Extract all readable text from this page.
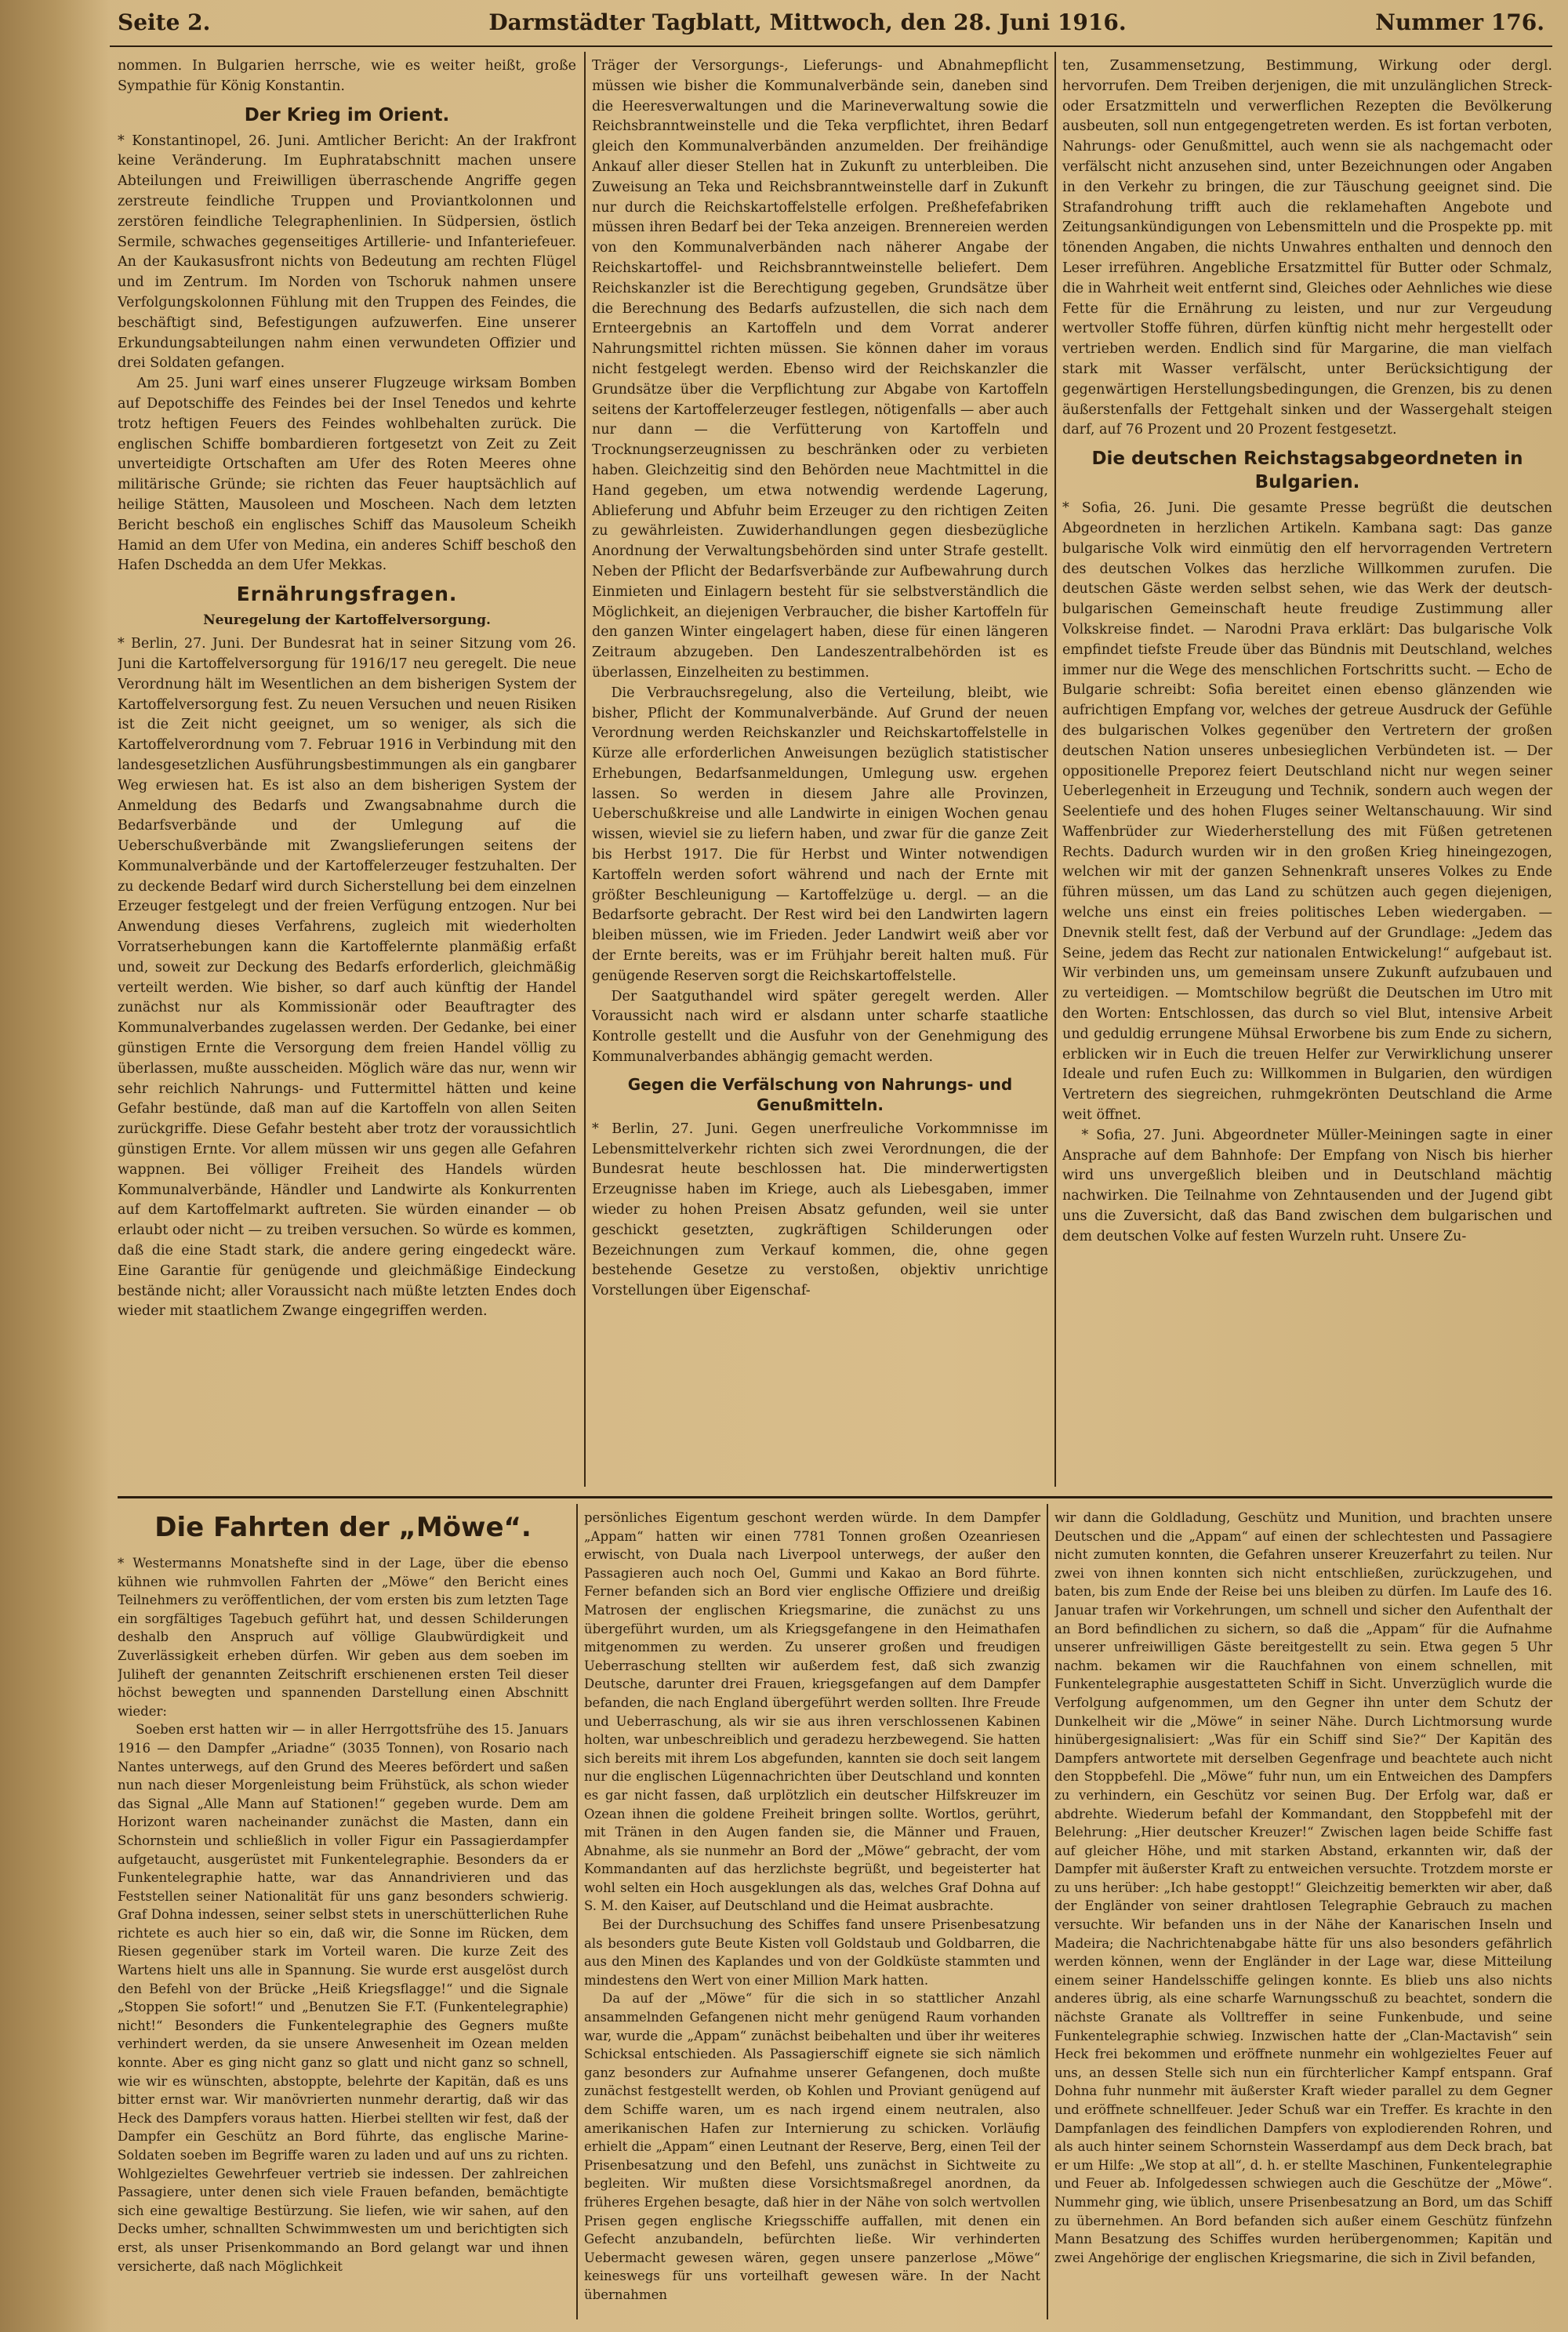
Seite 2.	Darmstädter Tagblatt, Mittwoch, den 28. Juni 1916.	Nummer 176.

nommen. In Bulgarien herrsche, wie es weiter heißt, große Sympathie für König Konstantin.

Der Krieg im Orient.

* Konstantinopel, 26. Juni. Amtlicher Bericht: An der Irakfront keine Veränderung. Im Euphratabschnitt machen unsere Abteilungen und Freiwilligen überraschende Angriffe gegen zerstreute feindliche Truppen und Proviantkolonnen und zerstören feindliche Telegraphenlinien. In Südpersien, östlich Sermile, schwaches gegenseitiges Artillerie- und Infanteriefeuer. An der Kaukasusfront nichts von Bedeutung am rechten Flügel und im Zentrum. Im Norden von Tschoruk nahmen unsere Verfolgungskolonnen Fühlung mit den Truppen des Feindes, die beschäftigt sind, Befestigungen aufzuwerfen. Eine unserer Erkundungsabteilungen nahm einen verwundeten Offizier und drei Soldaten gefangen.

Am 25. Juni warf eines unserer Flugzeuge wirksam Bomben auf Depotschiffe des Feindes bei der Insel Tenedos und kehrte trotz heftigen Feuers des Feindes wohlbehalten zurück. Die englischen Schiffe bombardieren fortgesetzt von Zeit zu Zeit unverteidigte Ortschaften am Ufer des Roten Meeres ohne militärische Gründe; sie richten das Feuer hauptsächlich auf heilige Stätten, Mausoleen und Moscheen. Nach dem letzten Bericht beschoß ein englisches Schiff das Mausoleum Scheikh Hamid an dem Ufer von Medina, ein anderes Schiff beschoß den Hafen Dschedda an dem Ufer Mekkas.

Ernährungsfragen.
Neuregelung der Kartoffelversorgung.

* Berlin, 27. Juni. Der Bundesrat hat in seiner Sitzung vom 26. Juni die Kartoffelversorgung für 1916/17 neu geregelt. Die neue Verordnung hält im Wesentlichen an dem bisherigen System der Kartoffelversorgung fest. Zu neuen Versuchen und neuen Risiken ist die Zeit nicht geeignet, um so weniger, als sich die Kartoffelverordnung vom 7. Februar 1916 in Verbindung mit den landesgesetzlichen Ausführungsbestimmungen als ein gangbarer Weg erwiesen hat. Es ist also an dem bisherigen System der Anmeldung des Bedarfs und Zwangsabnahme durch die Bedarfsverbände und der Umlegung auf die Ueberschußverbände mit Zwangslieferungen seitens der Kommunalverbände und der Kartoffelerzeuger festzuhalten. Der zu deckende Bedarf wird durch Sicherstellung bei dem einzelnen Erzeuger festgelegt und der freien Verfügung entzogen. Nur bei Anwendung dieses Verfahrens, zugleich mit wiederholten Vorratserhebungen kann die Kartoffelernte planmäßig erfaßt und, soweit zur Deckung des Bedarfs erforderlich, gleichmäßig verteilt werden. Wie bisher, so darf auch künftig der Handel zunächst nur als Kommissionär oder Beauftragter des Kommunalverbandes zugelassen werden. Der Gedanke, bei einer günstigen Ernte die Versorgung dem freien Handel völlig zu überlassen, mußte ausscheiden. Möglich wäre das nur, wenn wir sehr reichlich Nahrungs- und Futtermittel hätten und keine Gefahr bestünde, daß man auf die Kartoffeln von allen Seiten zurückgriffe. Diese Gefahr besteht aber trotz der voraussichtlich günstigen Ernte. Vor allem müssen wir uns gegen alle Gefahren wappnen. Bei völliger Freiheit des Handels würden Kommunalverbände, Händler und Landwirte als Konkurrenten auf dem Kartoffelmarkt auftreten. Sie würden einander — ob erlaubt oder nicht — zu treiben versuchen. So würde es kommen, daß die eine Stadt stark, die andere gering eingedeckt wäre. Eine Garantie für genügende und gleichmäßige Eindeckung bestände nicht; aller Voraussicht nach müßte letzten Endes doch wieder mit staatlichem Zwange eingegriffen werden.

Träger der Versorgungs-, Lieferungs- und Abnahmepflicht müssen wie bisher die Kommunalverbände sein, daneben sind die Heeresverwaltungen und die Marineverwaltung sowie die Reichsbranntweinstelle und die Teka verpflichtet, ihren Bedarf gleich den Kommunalverbänden anzumelden. Der freihändige Ankauf aller dieser Stellen hat in Zukunft zu unterbleiben. Die Zuweisung an Teka und Reichsbranntweinstelle darf in Zukunft nur durch die Reichskartoffelstelle erfolgen. Preßhefefabriken müssen ihren Bedarf bei der Teka anzeigen. Brennereien werden von den Kommunalverbänden nach näherer Angabe der Reichskartoffel- und Reichsbranntweinstelle beliefert. Dem Reichskanzler ist die Berechtigung gegeben, Grundsätze über die Berechnung des Bedarfs aufzustellen, die sich nach dem Ernteergebnis an Kartoffeln und dem Vorrat anderer Nahrungsmittel richten müssen. Sie können daher im voraus nicht festgelegt werden. Ebenso wird der Reichskanzler die Grundsätze über die Verpflichtung zur Abgabe von Kartoffeln seitens der Kartoffelerzeuger festlegen, nötigenfalls — aber auch nur dann — die Verfütterung von Kartoffeln und Trocknungserzeugnissen zu beschränken oder zu verbieten haben. Gleichzeitig sind den Behörden neue Machtmittel in die Hand gegeben, um etwa notwendig werdende Lagerung, Ablieferung und Abfuhr beim Erzeuger zu den richtigen Zeiten zu gewährleisten. Zuwiderhandlungen gegen diesbezügliche Anordnung der Verwaltungsbehörden sind unter Strafe gestellt. Neben der Pflicht der Bedarfsverbände zur Aufbewahrung durch Einmieten und Einlagern besteht für sie selbstverständlich die Möglichkeit, an diejenigen Verbraucher, die bisher Kartoffeln für den ganzen Winter eingelagert haben, diese für einen längeren Zeitraum abzugeben. Den Landeszentralbehörden ist es überlassen, Einzelheiten zu bestimmen.

Die Verbrauchsregelung, also die Verteilung, bleibt, wie bisher, Pflicht der Kommunalverbände. Auf Grund der neuen Verordnung werden Reichskanzler und Reichskartoffelstelle in Kürze alle erforderlichen Anweisungen bezüglich statistischer Erhebungen, Bedarfsanmeldungen, Umlegung usw. ergehen lassen. So werden in diesem Jahre alle Provinzen, Ueberschußkreise und alle Landwirte in einigen Wochen genau wissen, wieviel sie zu liefern haben, und zwar für die ganze Zeit bis Herbst 1917. Die für Herbst und Winter notwendigen Kartoffeln werden sofort während und nach der Ernte mit größter Beschleunigung — Kartoffelzüge u. dergl. — an die Bedarfsorte gebracht. Der Rest wird bei den Landwirten lagern bleiben müssen, wie im Frieden. Jeder Landwirt weiß aber vor der Ernte bereits, was er im Frühjahr bereit halten muß. Für genügende Reserven sorgt die Reichskartoffelstelle.

Der Saatguthandel wird später geregelt werden. Aller Voraussicht nach wird er alsdann unter scharfe staatliche Kontrolle gestellt und die Ausfuhr von der Genehmigung des Kommunalverbandes abhängig gemacht werden.

Gegen die Verfälschung von Nahrungs- und Genußmitteln.

* Berlin, 27. Juni. Gegen unerfreuliche Vorkommnisse im Lebensmittelverkehr richten sich zwei Verordnungen, die der Bundesrat heute beschlossen hat. Die minderwertigsten Erzeugnisse haben im Kriege, auch als Liebesgaben, immer wieder zu hohen Preisen Absatz gefunden, weil sie unter geschickt gesetzten, zugkräftigen Schilderungen oder Bezeichnungen zum Verkauf kommen, die, ohne gegen bestehende Gesetze zu verstoßen, objektiv unrichtige Vorstellungen über Eigenschaf-

ten, Zusammensetzung, Bestimmung, Wirkung oder dergl. hervorrufen. Dem Treiben derjenigen, die mit unzulänglichen Streck- oder Ersatzmitteln und verwerflichen Rezepten die Bevölkerung ausbeuten, soll nun entgegengetreten werden. Es ist fortan verboten, Nahrungs- oder Genußmittel, auch wenn sie als nachgemacht oder verfälscht nicht anzusehen sind, unter Bezeichnungen oder Angaben in den Verkehr zu bringen, die zur Täuschung geeignet sind. Die Strafandrohung trifft auch die reklamehaften Angebote und Zeitungsankündigungen von Lebensmitteln und die Prospekte pp. mit tönenden Angaben, die nichts Unwahres enthalten und dennoch den Leser irreführen. Angebliche Ersatzmittel für Butter oder Schmalz, die in Wahrheit weit entfernt sind, Gleiches oder Aehnliches wie diese Fette für die Ernährung zu leisten, und nur zur Vergeudung wertvoller Stoffe führen, dürfen künftig nicht mehr hergestellt oder vertrieben werden. Endlich sind für Margarine, die man vielfach stark mit Wasser verfälscht, unter Berücksichtigung der gegenwärtigen Herstellungsbedingungen, die Grenzen, bis zu denen äußerstenfalls der Fettgehalt sinken und der Wassergehalt steigen darf, auf 76 Prozent und 20 Prozent festgesetzt.

Die deutschen Reichstagsabgeordneten in Bulgarien.

* Sofia, 26. Juni. Die gesamte Presse begrüßt die deutschen Abgeordneten in herzlichen Artikeln. Kambana sagt: Das ganze bulgarische Volk wird einmütig den elf hervorragenden Vertretern des deutschen Volkes das herzliche Willkommen zurufen. Die deutschen Gäste werden selbst sehen, wie das Werk der deutsch-bulgarischen Gemeinschaft heute freudige Zustimmung aller Volkskreise findet. — Narodni Prava erklärt: Das bulgarische Volk empfindet tiefste Freude über das Bündnis mit Deutschland, welches immer nur die Wege des menschlichen Fortschritts sucht. — Echo de Bulgarie schreibt: Sofia bereitet einen ebenso glänzenden wie aufrichtigen Empfang vor, welches der getreue Ausdruck der Gefühle des bulgarischen Volkes gegenüber den Vertretern der großen deutschen Nation unseres unbesieglichen Verbündeten ist. — Der oppositionelle Preporez feiert Deutschland nicht nur wegen seiner Ueberlegenheit in Erzeugung und Technik, sondern auch wegen der Seelentiefe und des hohen Fluges seiner Weltanschauung. Wir sind Waffenbrüder zur Wiederherstellung des mit Füßen getretenen Rechts. Dadurch wurden wir in den großen Krieg hineingezogen, welchen wir mit der ganzen Sehnenkraft unseres Volkes zu Ende führen müssen, um das Land zu schützen auch gegen diejenigen, welche uns einst ein freies politisches Leben wiedergaben. — Dnevnik stellt fest, daß der Verbund auf der Grundlage: „Jedem das Seine, jedem das Recht zur nationalen Entwickelung!“ aufgebaut ist. Wir verbinden uns, um gemeinsam unsere Zukunft aufzubauen und zu verteidigen. — Momtschilow begrüßt die Deutschen im Utro mit den Worten: Entschlossen, das durch so viel Blut, intensive Arbeit und geduldig errungene Mühsal Erworbene bis zum Ende zu sichern, erblicken wir in Euch die treuen Helfer zur Verwirklichung unserer Ideale und rufen Euch zu: Willkommen in Bulgarien, den würdigen Vertretern des siegreichen, ruhmgekrönten Deutschland die Arme weit öffnet.

* Sofia, 27. Juni. Abgeordneter Müller-Meiningen sagte in einer Ansprache auf dem Bahnhofe: Der Empfang von Nisch bis hierher wird uns unvergeßlich bleiben und in Deutschland mächtig nachwirken. Die Teilnahme von Zehntausenden und der Jugend gibt uns die Zuversicht, daß das Band zwischen dem bulgarischen und dem deutschen Volke auf festen Wurzeln ruht. Unsere Zu-

Die Fahrten der „Möwe“.

* Westermanns Monatshefte sind in der Lage, über die ebenso kühnen wie ruhmvollen Fahrten der „Möwe“ den Bericht eines Teilnehmers zu veröffentlichen, der vom ersten bis zum letzten Tage ein sorgfältiges Tagebuch geführt hat, und dessen Schilderungen deshalb den Anspruch auf völlige Glaubwürdigkeit und Zuverlässigkeit erheben dürfen. Wir geben aus dem soeben im Juliheft der genannten Zeitschrift erschienenen ersten Teil dieser höchst bewegten und spannenden Darstellung einen Abschnitt wieder:

Soeben erst hatten wir — in aller Herrgottsfrühe des 15. Januars 1916 — den Dampfer „Ariadne“ (3035 Tonnen), von Rosario nach Nantes unterwegs, auf den Grund des Meeres befördert und saßen nun nach dieser Morgenleistung beim Frühstück, als schon wieder das Signal „Alle Mann auf Stationen!“ gegeben wurde. Dem am Horizont waren nacheinander zunächst die Masten, dann ein Schornstein und schließlich in voller Figur ein Passagierdampfer aufgetaucht, ausgerüstet mit Funkentelegraphie. Besonders da er Funkentelegraphie hatte, war das Annandrivieren und das Feststellen seiner Nationalität für uns ganz besonders schwierig. Graf Dohna indessen, seiner selbst stets in unerschütterlichen Ruhe richtete es auch hier so ein, daß wir, die Sonne im Rücken, dem Riesen gegenüber stark im Vorteil waren. Die kurze Zeit des Wartens hielt uns alle in Spannung. Sie wurde erst ausgelöst durch den Befehl von der Brücke „Heiß Kriegsflagge!“ und die Signale „Stoppen Sie sofort!“ und „Benutzen Sie F.T. (Funkentelegraphie) nicht!“ Besonders die Funkentelegraphie des Gegners mußte verhindert werden, da sie unsere Anwesenheit im Ozean melden konnte. Aber es ging nicht ganz so glatt und nicht ganz so schnell, wie wir es wünschten, abstoppte, belehrte der Kapitän, daß es uns bitter ernst war. Wir manövrierten nunmehr derartig, daß wir das Heck des Dampfers voraus hatten. Hierbei stellten wir fest, daß der Dampfer ein Geschütz an Bord führte, das englische Marine-Soldaten soeben im Begriffe waren zu laden und auf uns zu richten. Wohlgezieltes Gewehrfeuer vertrieb sie indessen. Der zahlreichen Passagiere, unter denen sich viele Frauen befanden, bemächtigte sich eine gewaltige Bestürzung. Sie liefen, wie wir sahen, auf den Decks umher, schnallten Schwimmwesten um und berichtigten sich erst, als unser Prisenkommando an Bord gelangt war und ihnen versicherte, daß nach Möglichkeit

persönliches Eigentum geschont werden würde. In dem Dampfer „Appam“ hatten wir einen 7781 Tonnen großen Ozeanriesen erwischt, von Duala nach Liverpool unterwegs, der außer den Passagieren auch noch Oel, Gummi und Kakao an Bord führte. Ferner befanden sich an Bord vier englische Offiziere und dreißig Matrosen der englischen Kriegsmarine, die zunächst zu uns übergeführt wurden, um als Kriegsgefangene in den Heimathafen mitgenommen zu werden. Zu unserer großen und freudigen Ueberraschung stellten wir außerdem fest, daß sich zwanzig Deutsche, darunter drei Frauen, kriegsgefangen auf dem Dampfer befanden, die nach England übergeführt werden sollten. Ihre Freude und Ueberraschung, als wir sie aus ihren verschlossenen Kabinen holten, war unbeschreiblich und geradezu herzbewegend. Sie hatten sich bereits mit ihrem Los abgefunden, kannten sie doch seit langem nur die englischen Lügennachrichten über Deutschland und konnten es gar nicht fassen, daß urplötzlich ein deutscher Hilfskreuzer im Ozean ihnen die goldene Freiheit bringen sollte. Wortlos, gerührt, mit Tränen in den Augen fanden sie, die Männer und Frauen, Abnahme, als sie nunmehr an Bord der „Möwe“ gebracht, der vom Kommandanten auf das herzlichste begrüßt, und begeisterter hat wohl selten ein Hoch ausgeklungen als das, welches Graf Dohna auf S. M. den Kaiser, auf Deutschland und die Heimat ausbrachte.

Bei der Durchsuchung des Schiffes fand unsere Prisenbesatzung als besonders gute Beute Kisten voll Goldstaub und Goldbarren, die aus den Minen des Kaplandes und von der Goldküste stammten und mindestens den Wert von einer Million Mark hatten.

Da auf der „Möwe“ für die sich in so stattlicher Anzahl ansammelnden Gefangenen nicht mehr genügend Raum vorhanden war, wurde die „Appam“ zunächst beibehalten und über ihr weiteres Schicksal entschieden. Als Passagierschiff eignete sie sich nämlich ganz besonders zur Aufnahme unserer Gefangenen, doch mußte zunächst festgestellt werden, ob Kohlen und Proviant genügend auf dem Schiffe waren, um es nach irgend einem neutralen, also amerikanischen Hafen zur Internierung zu schicken. Vorläufig erhielt die „Appam“ einen Leutnant der Reserve, Berg, einen Teil der Prisenbesatzung und den Befehl, uns zunächst in Sichtweite zu begleiten. Wir mußten diese Vorsichtsmaßregel anordnen, da früheres Ergehen besagte, daß hier in der Nähe von solch wertvollen Prisen gegen englische Kriegsschiffe auffallen, mit denen ein Gefecht anzubandeln, befürchten ließe. Wir verhinderten Uebermacht gewesen wären, gegen unsere panzerlose „Möwe“ keineswegs für uns vorteilhaft gewesen wäre. In der Nacht übernahmen

wir dann die Goldladung, Geschütz und Munition, und brachten unsere Deutschen und die „Appam“ auf einen der schlechtesten und Passagiere nicht zumuten konnten, die Gefahren unserer Kreuzerfahrt zu teilen. Nur zwei von ihnen konnten sich nicht entschließen, zurückzugehen, und baten, bis zum Ende der Reise bei uns bleiben zu dürfen. Im Laufe des 16. Januar trafen wir Vorkehrungen, um schnell und sicher den Aufenthalt der an Bord befindlichen zu sichern, so daß die „Appam“ für die Aufnahme unserer unfreiwilligen Gäste bereitgestellt zu sein. Etwa gegen 5 Uhr nachm. bekamen wir die Rauchfahnen von einem schnellen, mit Funkentelegraphie ausgestatteten Schiff in Sicht. Unverzüglich wurde die Verfolgung aufgenommen, um den Gegner ihn unter dem Schutz der Dunkelheit wir die „Möwe“ in seiner Nähe. Durch Lichtmorsung wurde hinübergesignalisiert: „Was für ein Schiff sind Sie?“ Der Kapitän des Dampfers antwortete mit derselben Gegenfrage und beachtete auch nicht den Stoppbefehl. Die „Möwe“ fuhr nun, um ein Entweichen des Dampfers zu verhindern, ein Geschütz vor seinen Bug. Der Erfolg war, daß er abdrehte. Wiederum befahl der Kommandant, den Stoppbefehl mit der Belehrung: „Hier deutscher Kreuzer!“ Zwischen lagen beide Schiffe fast auf gleicher Höhe, und mit starken Abstand, erkannten wir, daß der Dampfer mit äußerster Kraft zu entweichen versuchte. Trotzdem morste er zu uns herüber: „Ich habe gestoppt!“ Gleichzeitig bemerkten wir aber, daß der Engländer von seiner drahtlosen Telegraphie Gebrauch zu machen versuchte. Wir befanden uns in der Nähe der Kanarischen Inseln und Madeira; die Nachrichtenabgabe hätte für uns also besonders gefährlich werden können, wenn der Engländer in der Lage war, diese Mitteilung einem seiner Handelsschiffe gelingen konnte. Es blieb uns also nichts anderes übrig, als eine scharfe Warnungsschuß zu beachtet, sondern die nächste Granate als Volltreffer in seine Funkenbude, und seine Funkentelegraphie schwieg. Inzwischen hatte der „Clan-Mactavish“ sein Heck frei bekommen und eröffnete nunmehr ein wohlgezieltes Feuer auf uns, an dessen Stelle sich nun ein fürchterlicher Kampf entspann. Graf Dohna fuhr nunmehr mit äußerster Kraft wieder parallel zu dem Gegner und eröffnete schnellfeuer. Jeder Schuß war ein Treffer. Es krachte in den Dampfanlagen des feindlichen Dampfers von explodierenden Rohren, und als auch hinter seinem Schornstein Wasserdampf aus dem Deck brach, bat er um Hilfe: „We stop at all“, d. h. er stellte Maschinen, Funkentelegraphie und Feuer ab. Infolgedessen schwiegen auch die Geschütze der „Möwe“. Nummehr ging, wie üblich, unsere Prisenbesatzung an Bord, um das Schiff zu übernehmen. An Bord befanden sich außer einem Geschütz fünfzehn Mann Besatzung des Schiffes wurden herübergenommen; Kapitän und zwei Angehörige der englischen Kriegsmarine, die sich in Zivil befanden,
